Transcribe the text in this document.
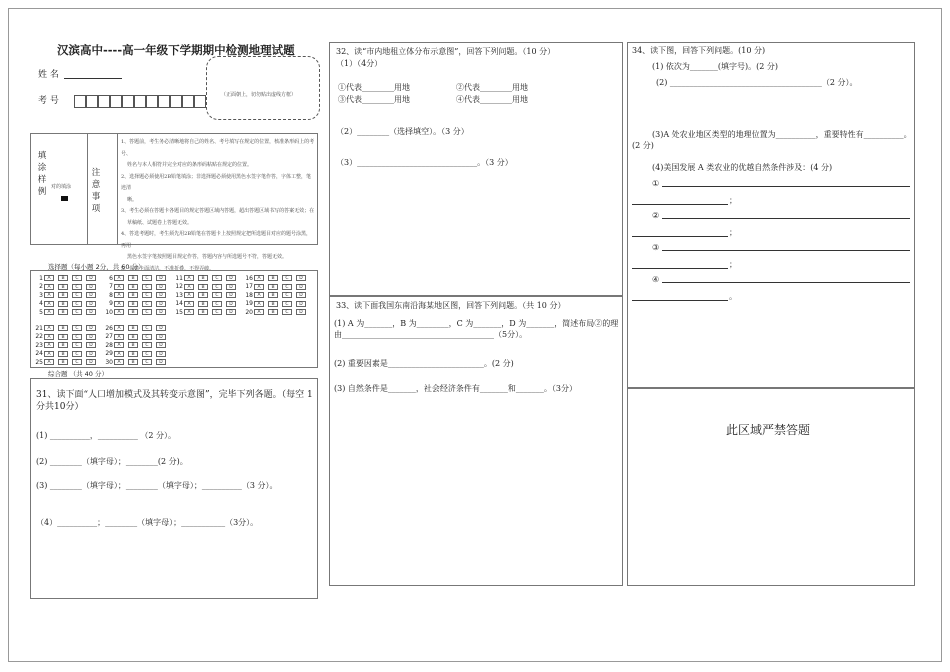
汉滨高中----高一年级下学期期中检测地理试题
姓 名
考 号
（正面朝上，切勿贴出虚线方框）
填涂样例 对的填涂
注意事项
1、答题前，考生务必清晰地将自己的姓名、考号填写在规定的位置，核准条形码上的考号、
姓名与本人相符并完全对应的条形码粘贴在规定的位置。
2、选择题必须使用2B铅笔填涂；非选择题必须使用黑色水签字笔作答，字体工整，笔迹清
晰。
3、考生必须在答题卡各题目的规定答题区域内答题，超出答题区域书写的答案无效；在
草稿纸、试题卷上答题无效。
4、答选考题时，考生须先用2B铅笔在答题卡上按照规定把所选题目对应的题号涂黑，再用
黑色水签字笔按照题目规定作答，答题内容与所选题号不符，答题无效。
5、保持卡面清洁，不准折叠，不得弄破。
选择题（每小题 2分，共 60 分）
1 A	B	C	D
2 A	B	C	D
3 A	B	C	D
4 A	B	C	D
5 A	B	C	D
6 A	B	C	D
7 A	B	C	D
8 A	B	C	D
9 A	B	C	D
10 A	B	C	D
11 A	B	C	D
12 A	B	C	D
13 A	B	C	D
14 A	B	C	D
15 A	B	C	D
16 A	B	C	D
17 A	B	C	D
18 A	B	C	D
19 A	B	C	D
20 A	B	C	D
21 A	B	C	D
22 A	B	C	D
23 A	B	C	D
24 A	B	C	D
25 A	B	C	D
26 A	B	C	D
27 A	B	C	D
28 A	B	C	D
29 A	B	C	D
30 A	B	C	D
综合题 （共 40 分）
31、读下面“人口增加模式及其转变示意图”，完毕下列各题。（每空 1 分共10分）
(1) __________，__________ （2 分）。
(2) ________（填字母）；________(2 分)。
(3) ________（填字母）；________（填字母）；__________（3 分）。
（4）__________；________（填字母）；___________（3分）。
32、读“市内地租立体分布示意图”，回答下列问题。（10 分）
（1）（4分）
①代表________用地	②代表________用地
③代表________用地	④代表________用地
（2）________（选择填空）。（3 分）
（3）______________________________。（3 分）
33、读下面我国东南沿海某地区图，回答下列问题。（共 10 分）
(1) A 为_______，B 为________，C 为_______，D 为_______，简述布局②的理由______________________________________（5分）。
(2) 重要因素是________________________。(2 分)
(3) 自然条件是_______，社会经济条件有_______和_______。（3分）
34、读下图，回答下列问题。(10 分)
(1) 依次为_______(填字号)。(2 分)
(2) ______________________________________（2 分）。
(3)A 处农业地区类型的地理位置为__________，重要特性有__________。(2 分)
(4)美国发展 A 类农业的优越自然条件涉及：(4 分)
①
；
②
；
③
；
④
。
此区域严禁答题
